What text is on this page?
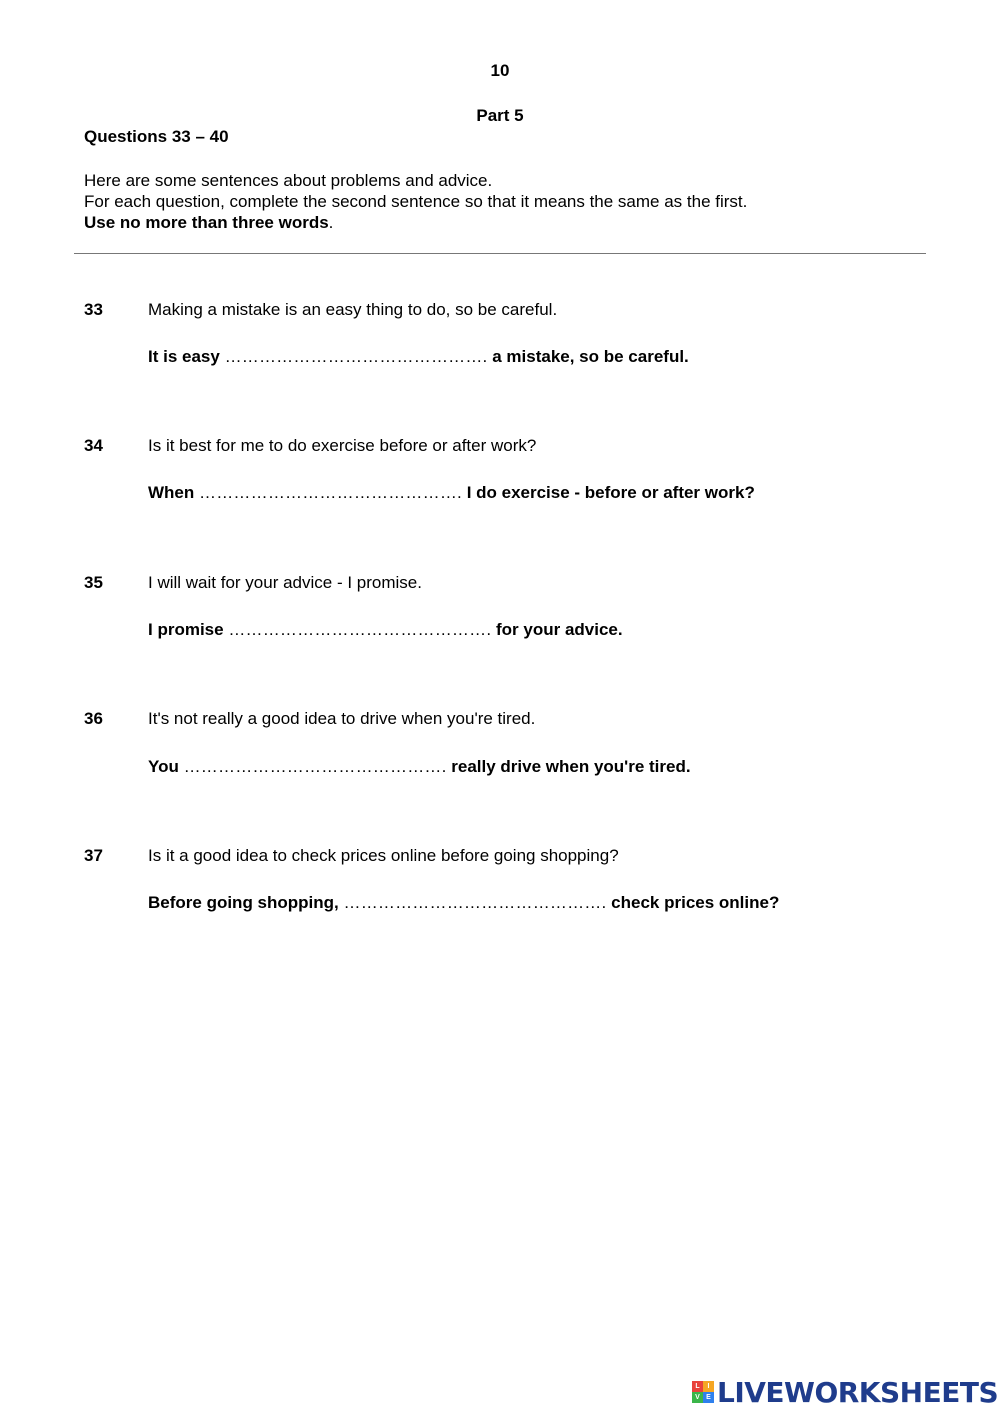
10
Part 5
Questions 33 – 40
Here are some sentences about problems and advice.
For each question, complete the second sentence so that it means the same as the first.
Use no more than three words.
33	Making a mistake is an easy thing to do, so be careful.
It is easy ………………………………………. a mistake, so be careful.
34	Is it best for me to do exercise before or after work?
When ………………………………………. I do exercise - before or after work?
35	I will wait for your advice - I promise.
I promise ………………………………………. for your advice.
36	It's not really a good idea to drive when you're tired.
You ………………………………………. really drive when you're tired.
37	Is it a good idea to check prices online before going shopping?
Before going shopping, ………………………………………. check prices online?
L	I
V E LIVEWORKSHEETS
